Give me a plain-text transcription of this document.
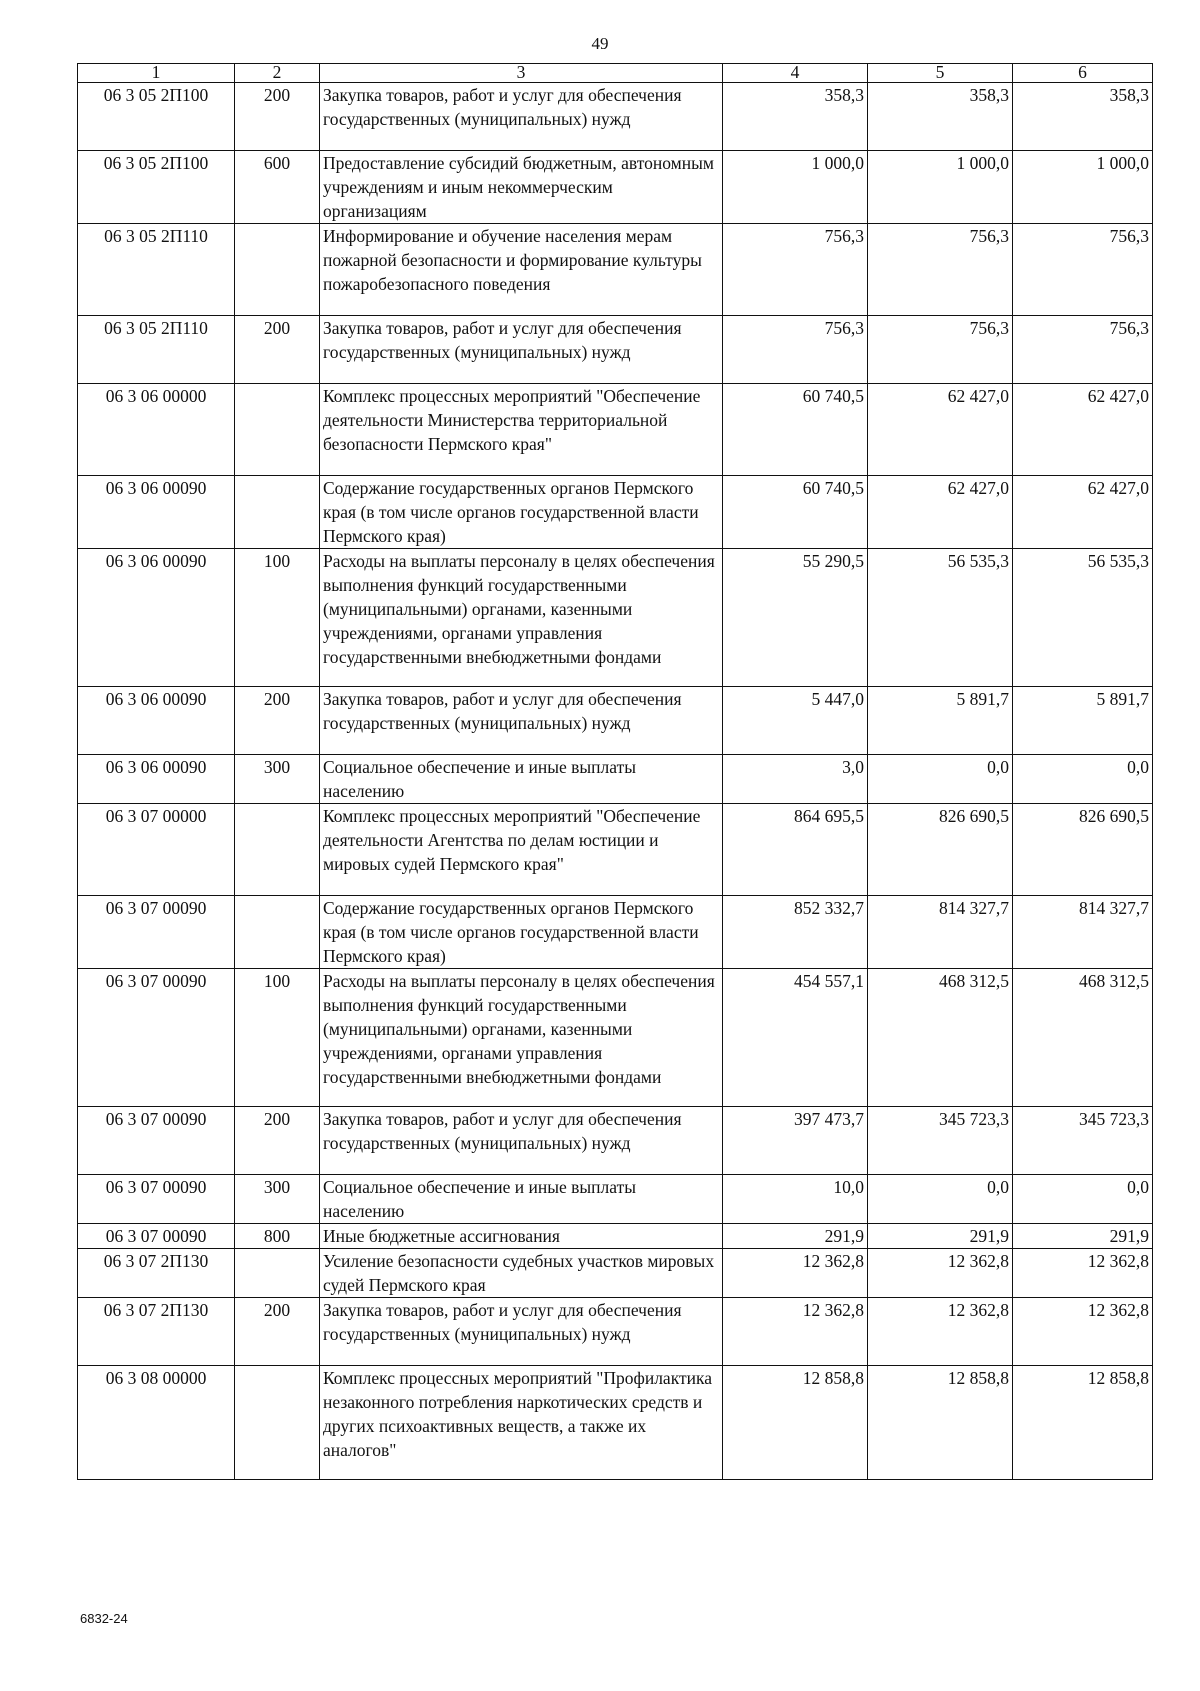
49
1	2	3	4	5	6
06 3 05 2П100	200	Закупка товаров, работ и услуг для обеспечения государственных (муниципальных) нужд	358,3	358,3	358,3
06 3 05 2П100	600	Предоставление субсидий бюджетным, автономным учреждениям и иным некоммерческим организациям	1 000,0	1 000,0	1 000,0
06 3 05 2П110		Информирование и обучение населения мерам пожарной безопасности и формирование культуры пожаробезопасного поведения	756,3	756,3	756,3
06 3 05 2П110	200	Закупка товаров, работ и услуг для обеспечения государственных (муниципальных) нужд	756,3	756,3	756,3
06 3 06 00000		Комплекс процессных мероприятий "Обеспечение деятельности Министерства территориальной безопасности Пермского края"	60 740,5	62 427,0	62 427,0
06 3 06 00090		Содержание государственных органов Пермского края (в том числе органов государственной власти Пермского края)	60 740,5	62 427,0	62 427,0
06 3 06 00090	100	Расходы на выплаты персоналу в целях обеспечения выполнения функций государственными (муниципальными) органами, казенными учреждениями, органами управления государственными внебюджетными фондами	55 290,5	56 535,3	56 535,3
06 3 06 00090	200	Закупка товаров, работ и услуг для обеспечения государственных (муниципальных) нужд	5 447,0	5 891,7	5 891,7
06 3 06 00090	300	Социальное обеспечение и иные выплаты населению	3,0	0,0	0,0
06 3 07 00000		Комплекс процессных мероприятий "Обеспечение деятельности Агентства по делам юстиции и мировых судей Пермского края"	864 695,5	826 690,5	826 690,5
06 3 07 00090		Содержание государственных органов Пермского края (в том числе органов государственной власти Пермского края)	852 332,7	814 327,7	814 327,7
06 3 07 00090	100	Расходы на выплаты персоналу в целях обеспечения выполнения функций государственными (муниципальными) органами, казенными учреждениями, органами управления государственными внебюджетными фондами	454 557,1	468 312,5	468 312,5
06 3 07 00090	200	Закупка товаров, работ и услуг для обеспечения государственных (муниципальных) нужд	397 473,7	345 723,3	345 723,3
06 3 07 00090	300	Социальное обеспечение и иные выплаты населению	10,0	0,0	0,0
06 3 07 00090	800	Иные бюджетные ассигнования	291,9	291,9	291,9
06 3 07 2П130		Усиление безопасности судебных участков мировых судей Пермского края	12 362,8	12 362,8	12 362,8
06 3 07 2П130	200	Закупка товаров, работ и услуг для обеспечения государственных (муниципальных) нужд	12 362,8	12 362,8	12 362,8
06 3 08 00000		Комплекс процессных мероприятий "Профилактика незаконного потребления наркотических средств и других психоактивных веществ, а также их аналогов"	12 858,8	12 858,8	12 858,8
6832-24
